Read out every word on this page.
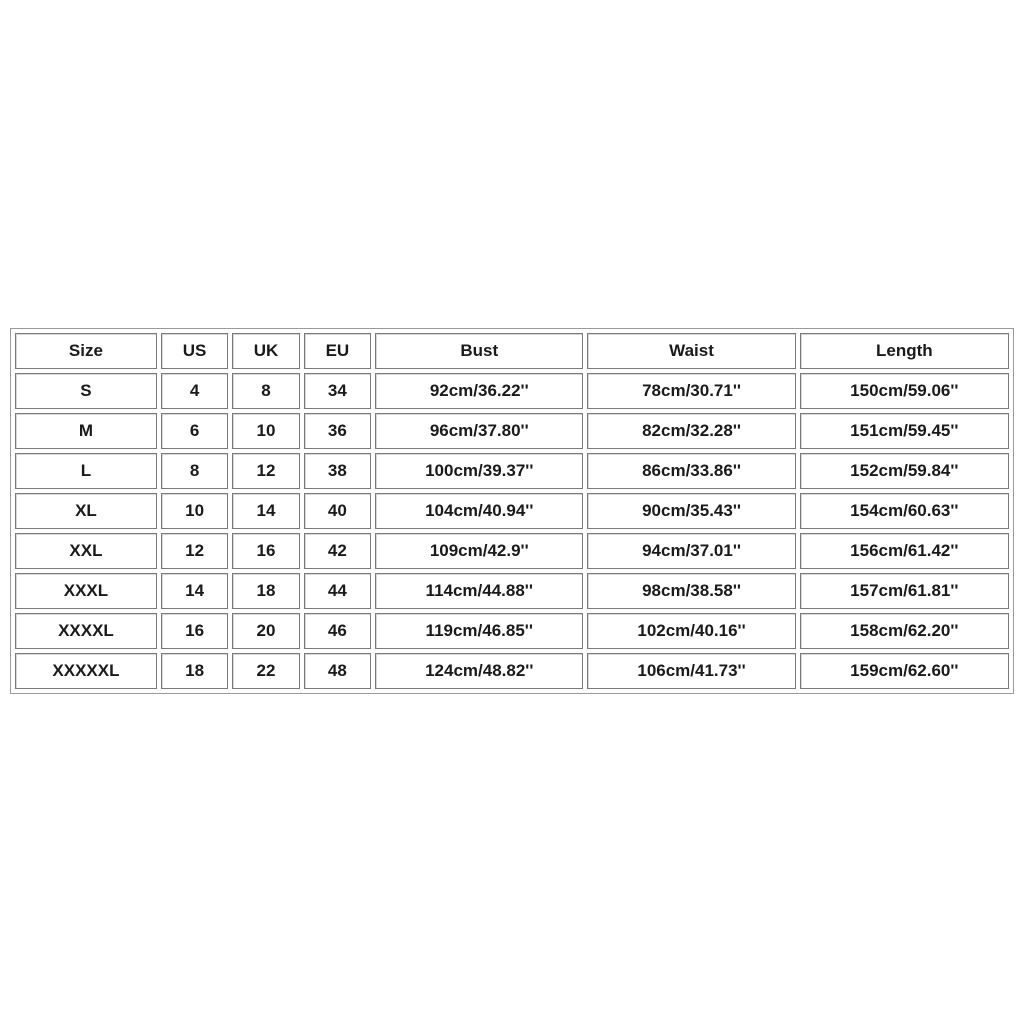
Size	US	UK	EU	Bust	Waist	Length
S	4	8	34	92cm/36.22''	78cm/30.71''	150cm/59.06''
M	6	10	36	96cm/37.80''	82cm/32.28''	151cm/59.45''
L	8	12	38	100cm/39.37''	86cm/33.86''	152cm/59.84''
XL	10	14	40	104cm/40.94''	90cm/35.43''	154cm/60.63''
XXL	12	16	42	109cm/42.9''	94cm/37.01''	156cm/61.42''
XXXL	14	18	44	114cm/44.88''	98cm/38.58''	157cm/61.81''
XXXXL	16	20	46	119cm/46.85''	102cm/40.16''	158cm/62.20''
XXXXXL	18	22	48	124cm/48.82''	106cm/41.73''	159cm/62.60''
